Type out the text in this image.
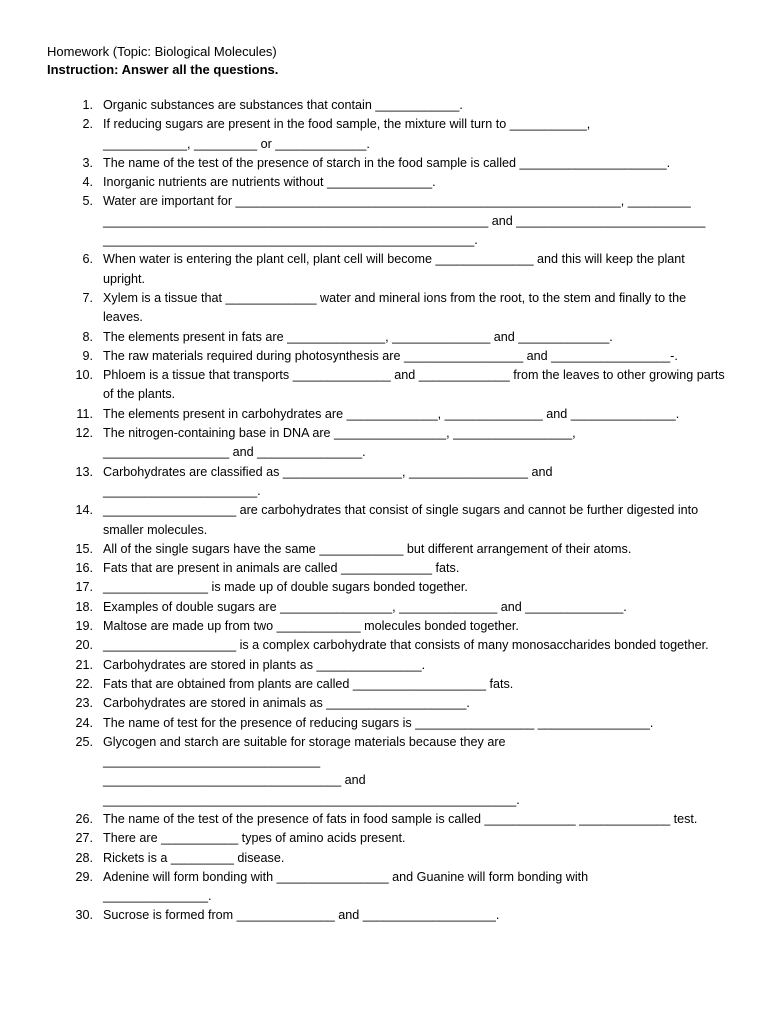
Homework (Topic: Biological Molecules)
Instruction: Answer all the questions.
1. Organic substances are substances that contain ____________.
2. If reducing sugars are present in the food sample, the mixture will turn to ___________,
____________, _________ or _____________.
3. The name of the test of the presence of starch in the food sample is called _____________________.
4. Inorganic nutrients are nutrients without _______________.
5. Water are important for _______________________________________________________, _________
_______________________________________________________ and ___________________________
_____________________________________________________.
6. When water is entering the plant cell, plant cell will become ______________ and this will keep the plant upright.
7. Xylem is a tissue that _____________ water and mineral ions from the root, to the stem and finally to the leaves.
8. The elements present in fats are ______________, ______________ and _____________.
9. The raw materials required during photosynthesis are _________________ and _________________-.
10. Phloem is a tissue that transports ______________ and _____________ from the leaves to other growing parts of the plants.
11. The elements present in carbohydrates are _____________, ______________ and _______________.
12. The nitrogen-containing base in DNA are ________________, _________________,
__________________ and _______________.
13. Carbohydrates are classified as _________________, _________________ and
______________________.
14. ___________________ are carbohydrates that consist of single sugars and cannot be further digested into smaller molecules.
15. All of the single sugars have the same ____________ but different arrangement of their atoms.
16. Fats that are present in animals are called _____________ fats.
17. _______________ is made up of double sugars bonded together.
18. Examples of double sugars are ________________, ______________ and ______________.
19. Maltose are made up from two ____________ molecules bonded together.
20. ___________________ is a complex carbohydrate that consists of many monosaccharides bonded together.
21. Carbohydrates are stored in plants as _______________.
22. Fats that are obtained from plants are called ___________________ fats.
23. Carbohydrates are stored in animals as ____________________.
24. The name of test for the presence of reducing sugars is _________________ ________________.
25. Glycogen and starch are suitable for storage materials because they are
_______________________________
__________________________________ and
___________________________________________________________.
26. The name of the test of the presence of fats in food sample is called _____________ _____________ test.
27. There are ___________ types of amino acids present.
28. Rickets is a _________ disease.
29. Adenine will form bonding with ________________ and Guanine will form bonding with
_______________.
30. Sucrose is formed from ______________ and ___________________.
